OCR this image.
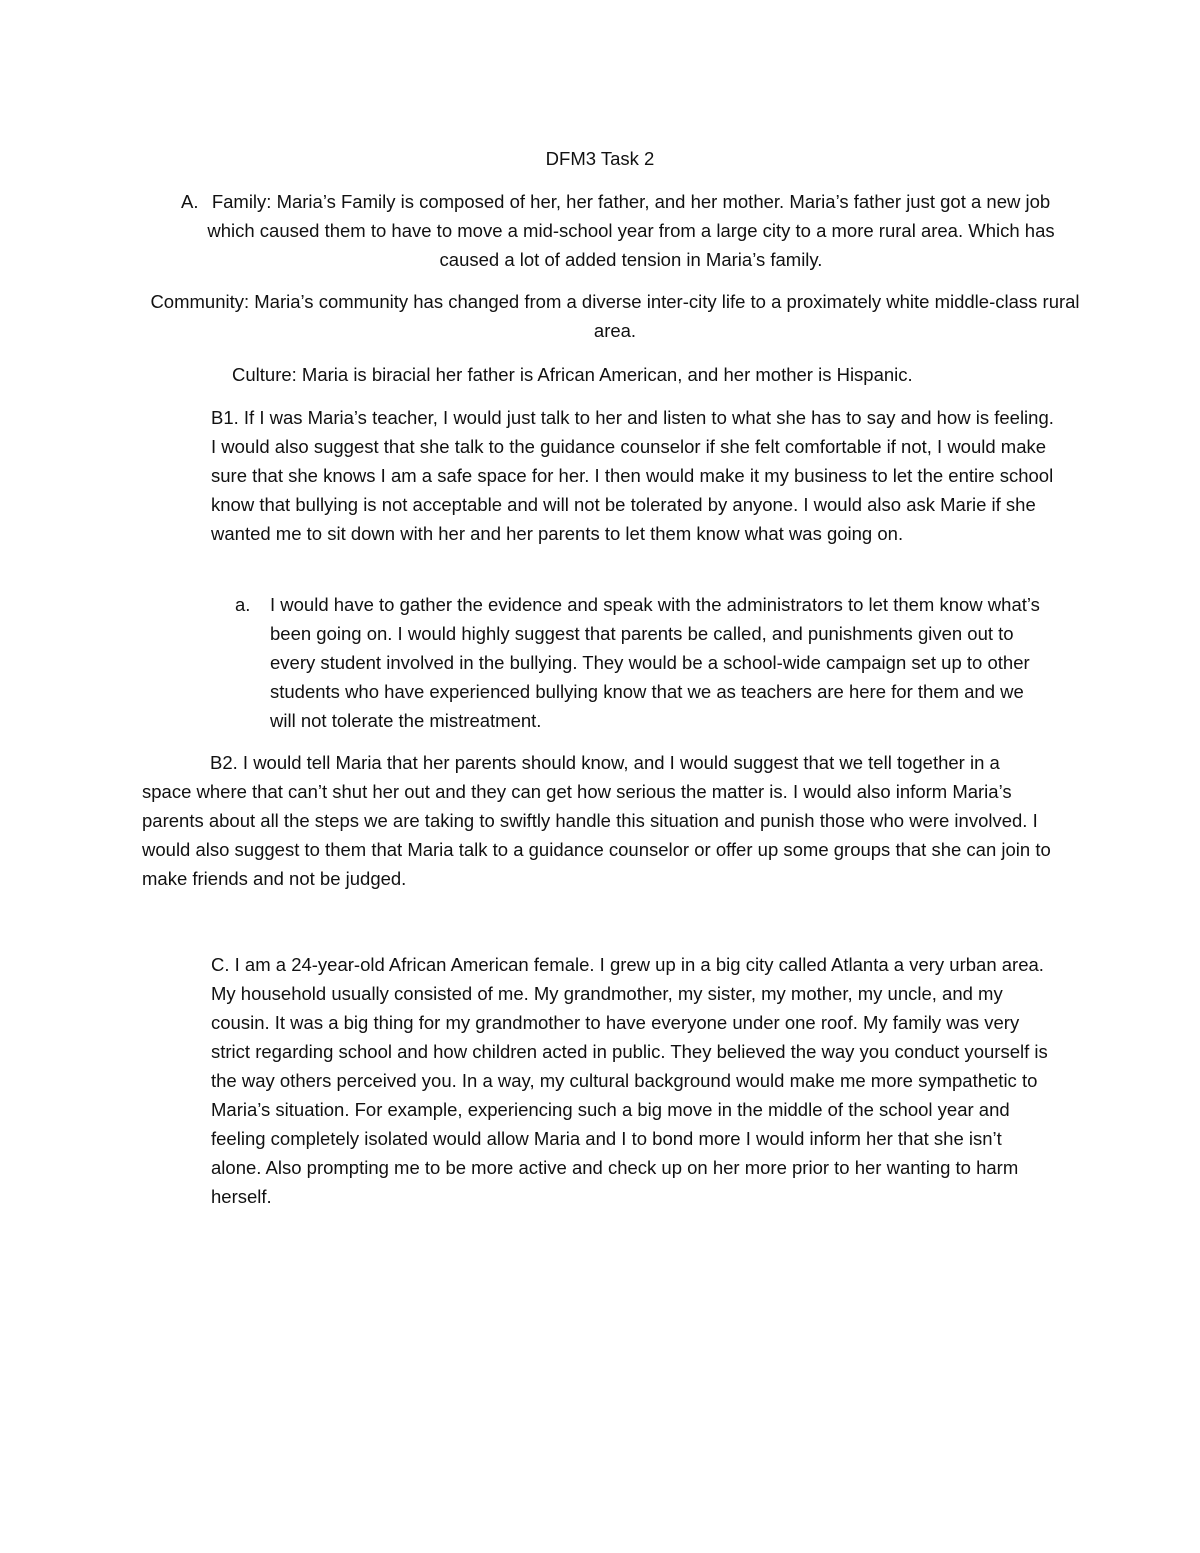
DFM3 Task 2

A. Family: Maria’s Family is composed of her, her father, and her mother. Maria’s father just got a new job which caused them to have to move a mid-school year from a large city to a more rural area. Which has caused a lot of added tension in Maria’s family.

Community: Maria’s community has changed from a diverse inter-city life to a proximately white middle-class rural area.

Culture: Maria is biracial her father is African American, and her mother is Hispanic.

B1. If I was Maria’s teacher, I would just talk to her and listen to what she has to say and how is feeling. I would also suggest that she talk to the guidance counselor if she felt comfortable if not, I would make sure that she knows I am a safe space for her. I then would make it my business to let the entire school know that bullying is not acceptable and will not be tolerated by anyone. I would also ask Marie if she wanted me to sit down with her and her parents to let them know what was going on.

a. I would have to gather the evidence and speak with the administrators to let them know what’s been going on. I would highly suggest that parents be called, and punishments given out to every student involved in the bullying. They would be a school-wide campaign set up to other students who have experienced bullying know that we as teachers are here for them and we will not tolerate the mistreatment.

B2. I would tell Maria that her parents should know, and I would suggest that we tell together in a space where that can’t shut her out and they can get how serious the matter is. I would also inform Maria’s parents about all the steps we are taking to swiftly handle this situation and punish those who were involved. I would also suggest to them that Maria talk to a guidance counselor or offer up some groups that she can join to make friends and not be judged.

C. I am a 24-year-old African American female. I grew up in a big city called Atlanta a very urban area. My household usually consisted of me. My grandmother, my sister, my mother, my uncle, and my cousin. It was a big thing for my grandmother to have everyone under one roof. My family was very strict regarding school and how children acted in public. They believed the way you conduct yourself is the way others perceived you. In a way, my cultural background would make me more sympathetic to Maria’s situation. For example, experiencing such a big move in the middle of the school year and feeling completely isolated would allow Maria and I to bond more I would inform her that she isn’t alone. Also prompting me to be more active and check up on her more prior to her wanting to harm herself.
